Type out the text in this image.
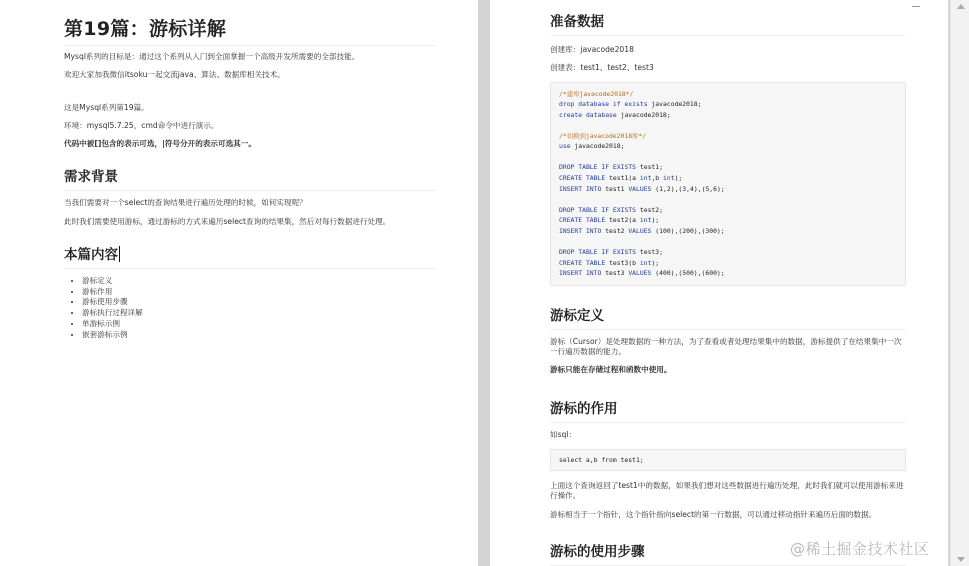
第19篇：游标详解

Mysql系列的目标是：通过这个系列从入门到全面掌握一个高级开发所需要的全部技能。

欢迎大家加我微信itsoku一起交流java、算法、数据库相关技术。

这是Mysql系列第19篇。

环境：mysql5.7.25，cmd命令中进行演示。

代码中被[]包含的表示可选，|符号分开的表示可选其一。

需求背景

当我们需要对一个select的查询结果进行遍历处理的时候，如何实现呢？

此时我们需要使用游标，通过游标的方式来遍历select查询的结果集，然后对每行数据进行处理。

本篇内容
• 游标定义
• 游标作用
• 游标使用步骤
• 游标执行过程详解
• 单游标示例
• 嵌套游标示例
准备数据

创建库：javacode2018

创建表：test1、test2、test3

/*建库javacode2018*/
drop database if exists javacode2018;
create database javacode2018;

/*切换到javacode2018库*/
use javacode2018;

DROP TABLE IF EXISTS test1;
CREATE TABLE test1(a int,b int);
INSERT INTO test1 VALUES (1,2),(3,4),(5,6);

DROP TABLE IF EXISTS test2;
CREATE TABLE test2(a int);
INSERT INTO test2 VALUES (100),(200),(300);

DROP TABLE IF EXISTS test3;
CREATE TABLE test3(b int);
INSERT INTO test3 VALUES (400),(500),(600);

游标定义

游标（Cursor）是处理数据的一种方法，为了查看或者处理结果集中的数据，游标提供了在结果集中一次一行遍历数据的能力。

游标只能在存储过程和函数中使用。

游标的作用

如sql：

select a,b from test1;

上面这个查询返回了test1中的数据，如果我们想对这些数据进行遍历处理，此时我们就可以使用游标来进行操作。

游标相当于一个指针，这个指针指向select的第一行数据，可以通过移动指针来遍历后面的数据。

游标的使用步骤	@稀土掘金技术社区
